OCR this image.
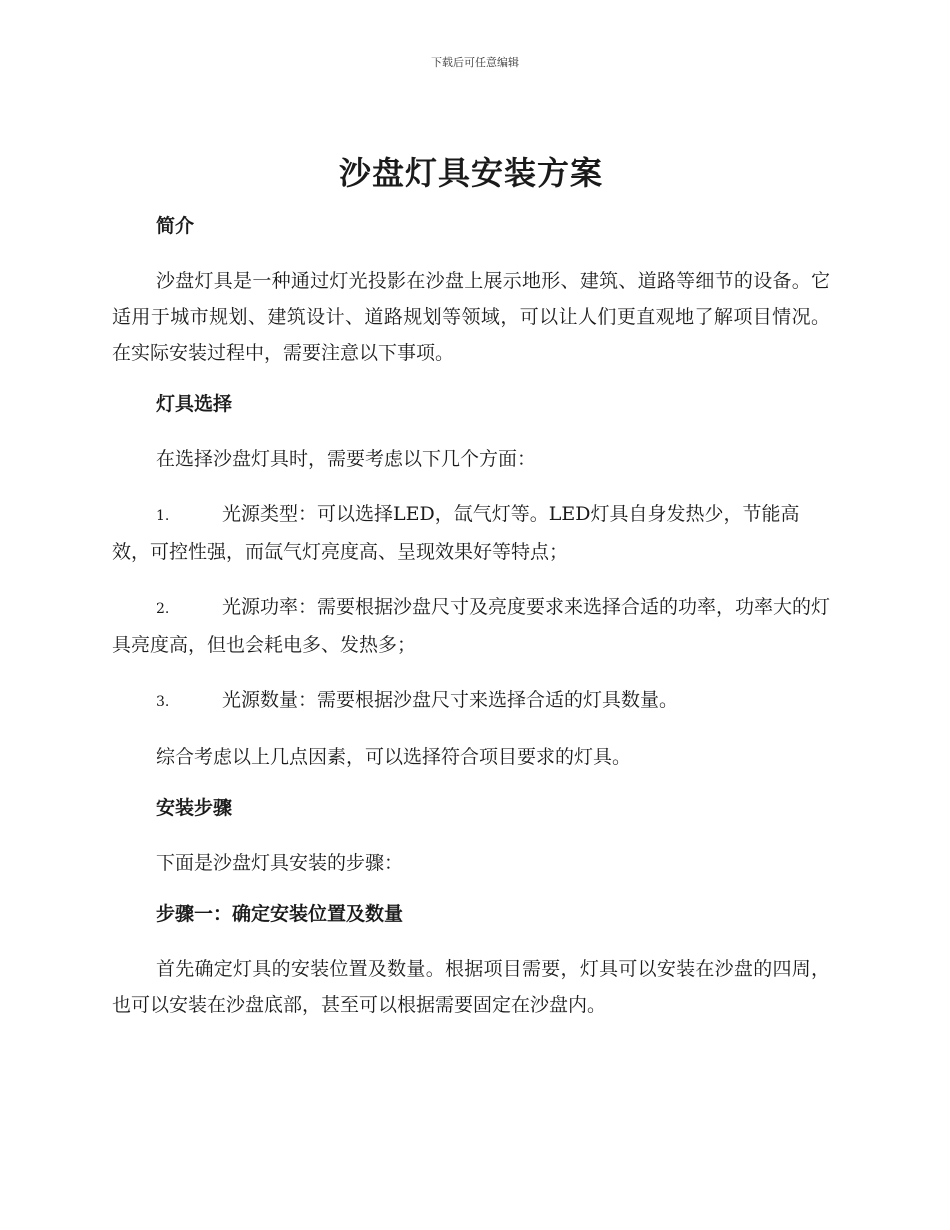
下载后可任意编辑
沙盘灯具安装方案
简介

沙盘灯具是一种通过灯光投影在沙盘上展示地形、建筑、道路等细节的设备。它适用于城市规划、建筑设计、道路规划等领域，可以让人们更直观地了解项目情况。在实际安装过程中，需要注意以下事项。

灯具选择

在选择沙盘灯具时，需要考虑以下几个方面：

1.	光源类型：可以选择LED，氙气灯等。LED灯具自身发热少，节能高效，可控性强，而氙气灯亮度高、呈现效果好等特点；
2.	光源功率：需要根据沙盘尺寸及亮度要求来选择合适的功率，功率大的灯具亮度高，但也会耗电多、发热多；
3.	光源数量：需要根据沙盘尺寸来选择合适的灯具数量。

综合考虑以上几点因素，可以选择符合项目要求的灯具。

安装步骤

下面是沙盘灯具安装的步骤：

步骤一：确定安装位置及数量

首先确定灯具的安装位置及数量。根据项目需要，灯具可以安装在沙盘的四周，也可以安装在沙盘底部，甚至可以根据需要固定在沙盘内。
